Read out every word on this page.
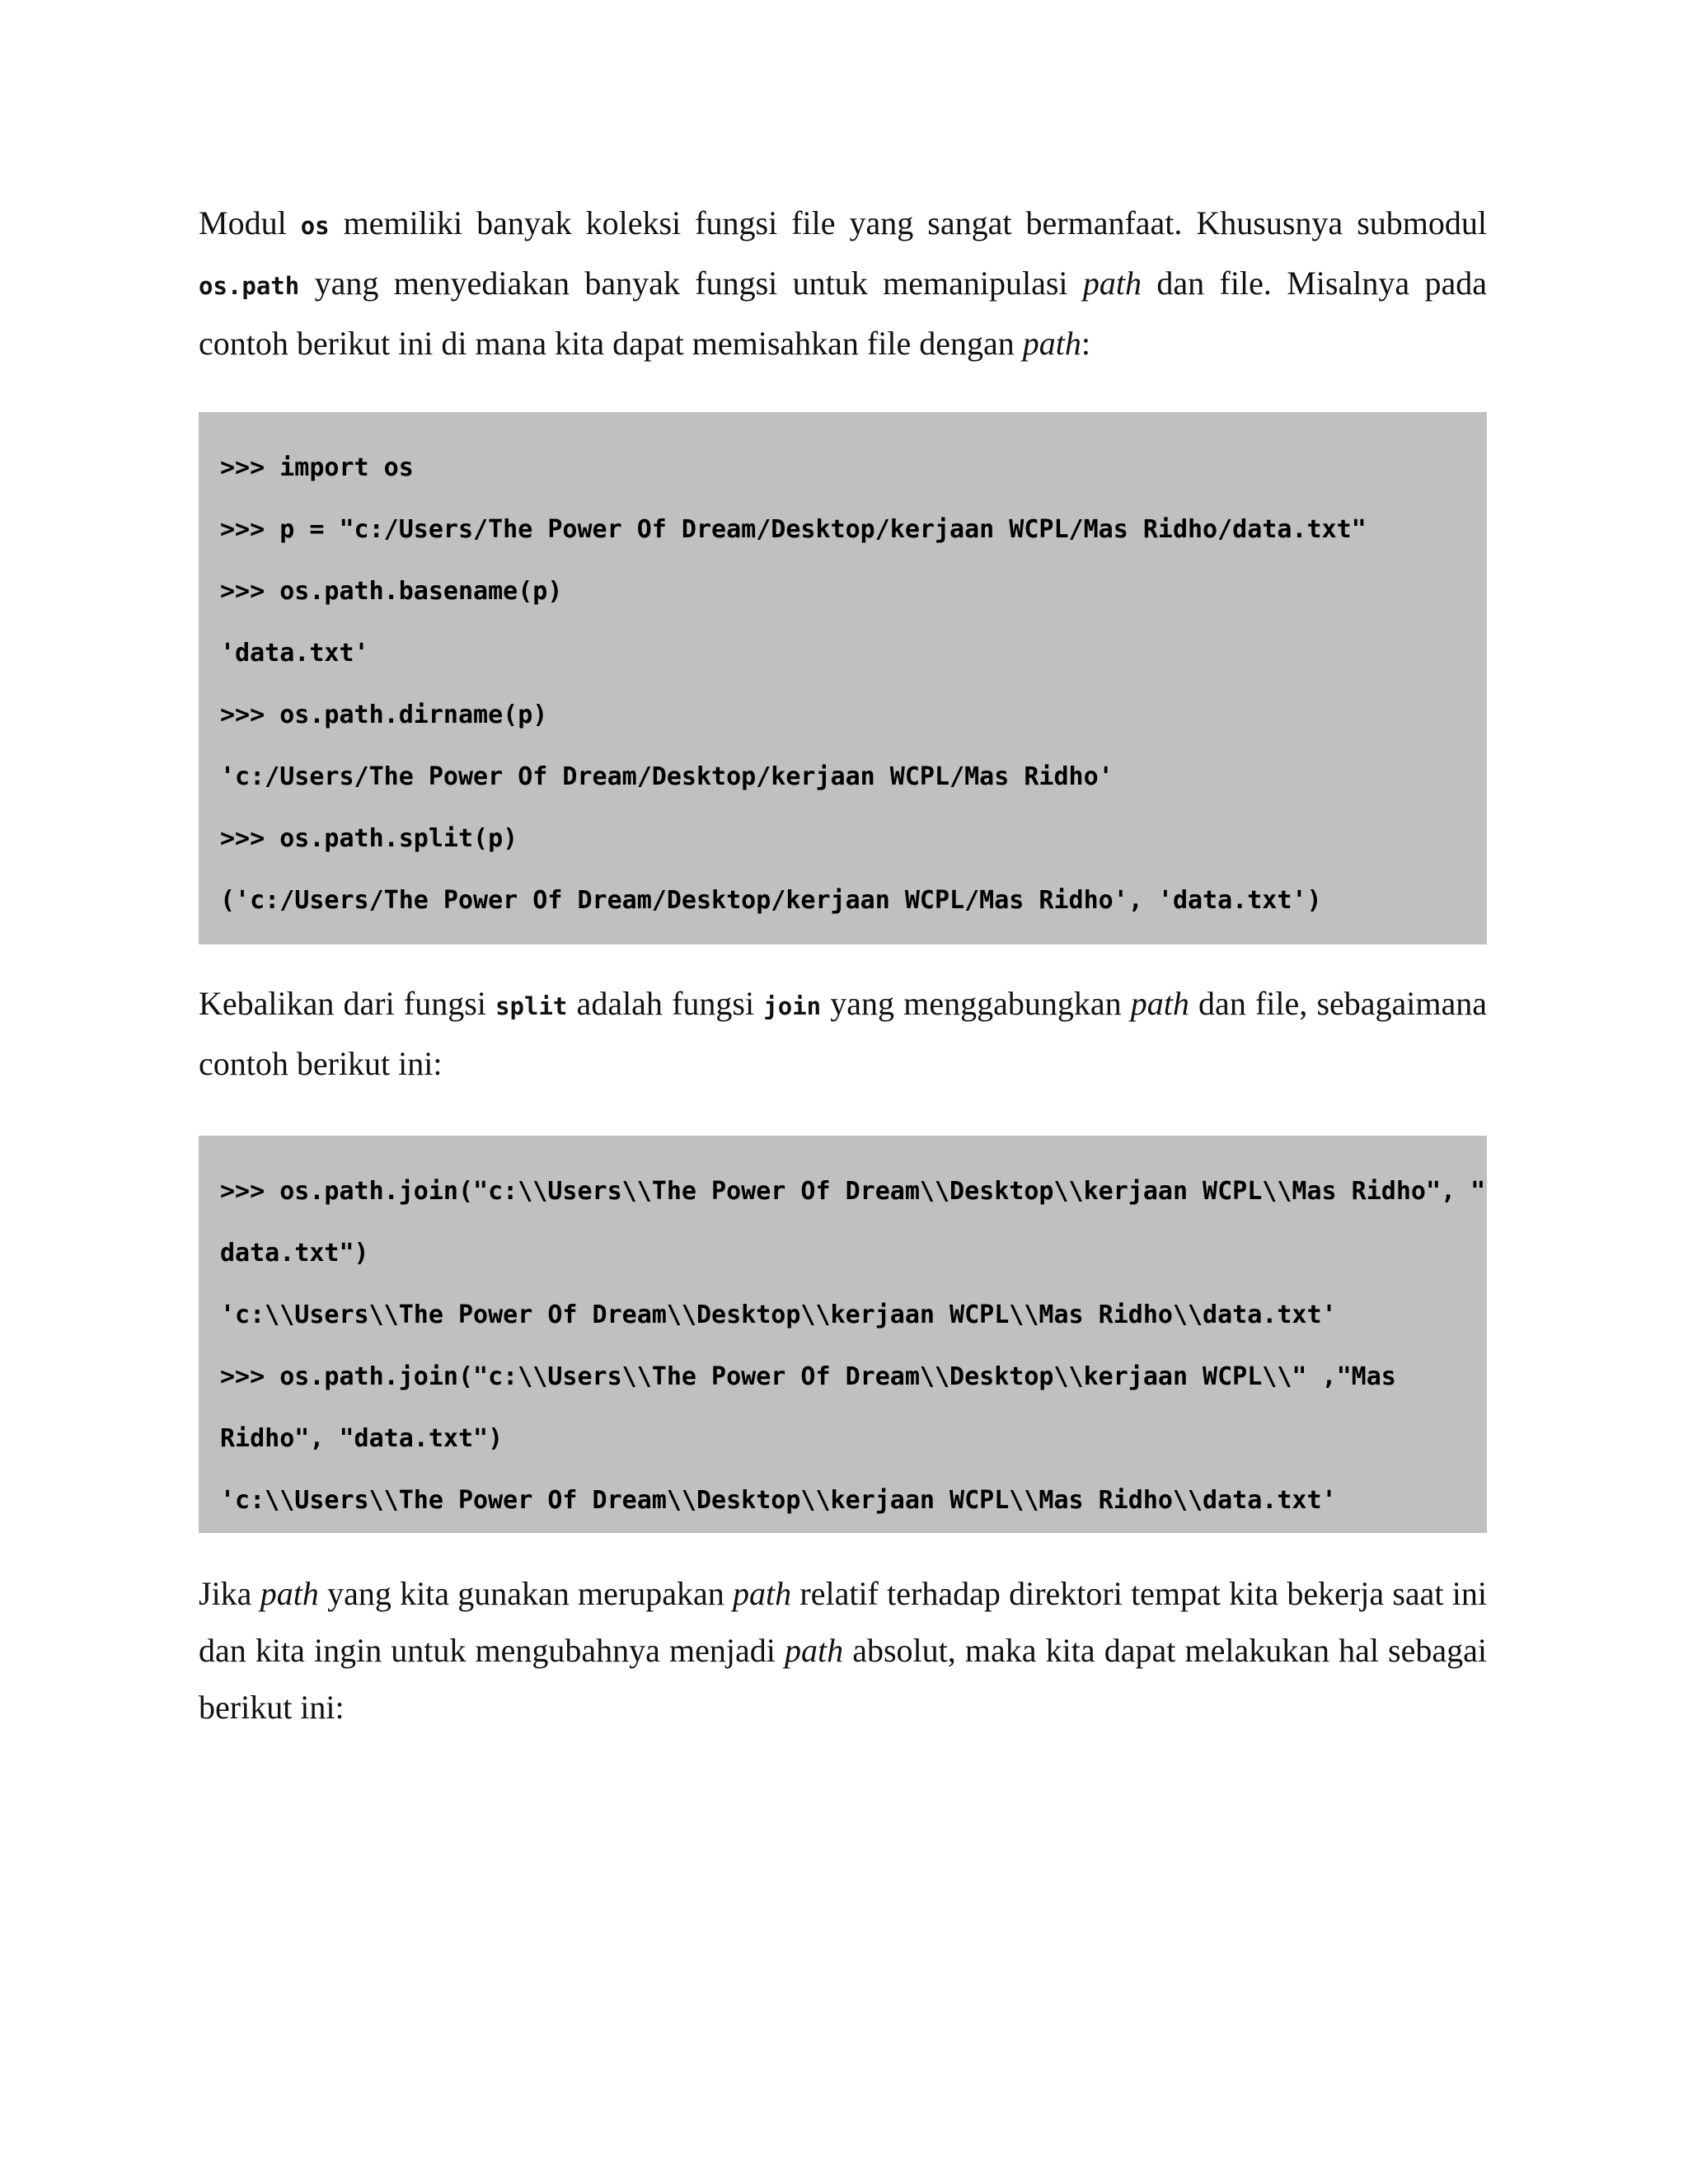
Modul os memiliki banyak koleksi fungsi file yang sangat bermanfaat. Khususnya submodul os.path yang menyediakan banyak fungsi untuk memanipulasi path dan file. Misalnya pada contoh berikut ini di mana kita dapat memisahkan file dengan path:

>>> import os
>>> p = "c:/Users/The Power Of Dream/Desktop/kerjaan WCPL/Mas Ridho/data.txt"
>>> os.path.basename(p)
'data.txt'
>>> os.path.dirname(p)
'c:/Users/The Power Of Dream/Desktop/kerjaan WCPL/Mas Ridho'
>>> os.path.split(p)
('c:/Users/The Power Of Dream/Desktop/kerjaan WCPL/Mas Ridho', 'data.txt')

Kebalikan dari fungsi split adalah fungsi join yang menggabungkan path dan file, sebagaimana contoh berikut ini:

>>> os.path.join("c:\\Users\\The Power Of Dream\\Desktop\\kerjaan WCPL\\Mas Ridho", "
data.txt")
'c:\\Users\\The Power Of Dream\\Desktop\\kerjaan WCPL\\Mas Ridho\\data.txt'
>>> os.path.join("c:\\Users\\The Power Of Dream\\Desktop\\kerjaan WCPL\\" ,"Mas
Ridho", "data.txt")
'c:\\Users\\The Power Of Dream\\Desktop\\kerjaan WCPL\\Mas Ridho\\data.txt'

Jika path yang kita gunakan merupakan path relatif terhadap direktori tempat kita bekerja saat ini dan kita ingin untuk mengubahnya menjadi path absolut, maka kita dapat melakukan hal sebagai berikut ini:
